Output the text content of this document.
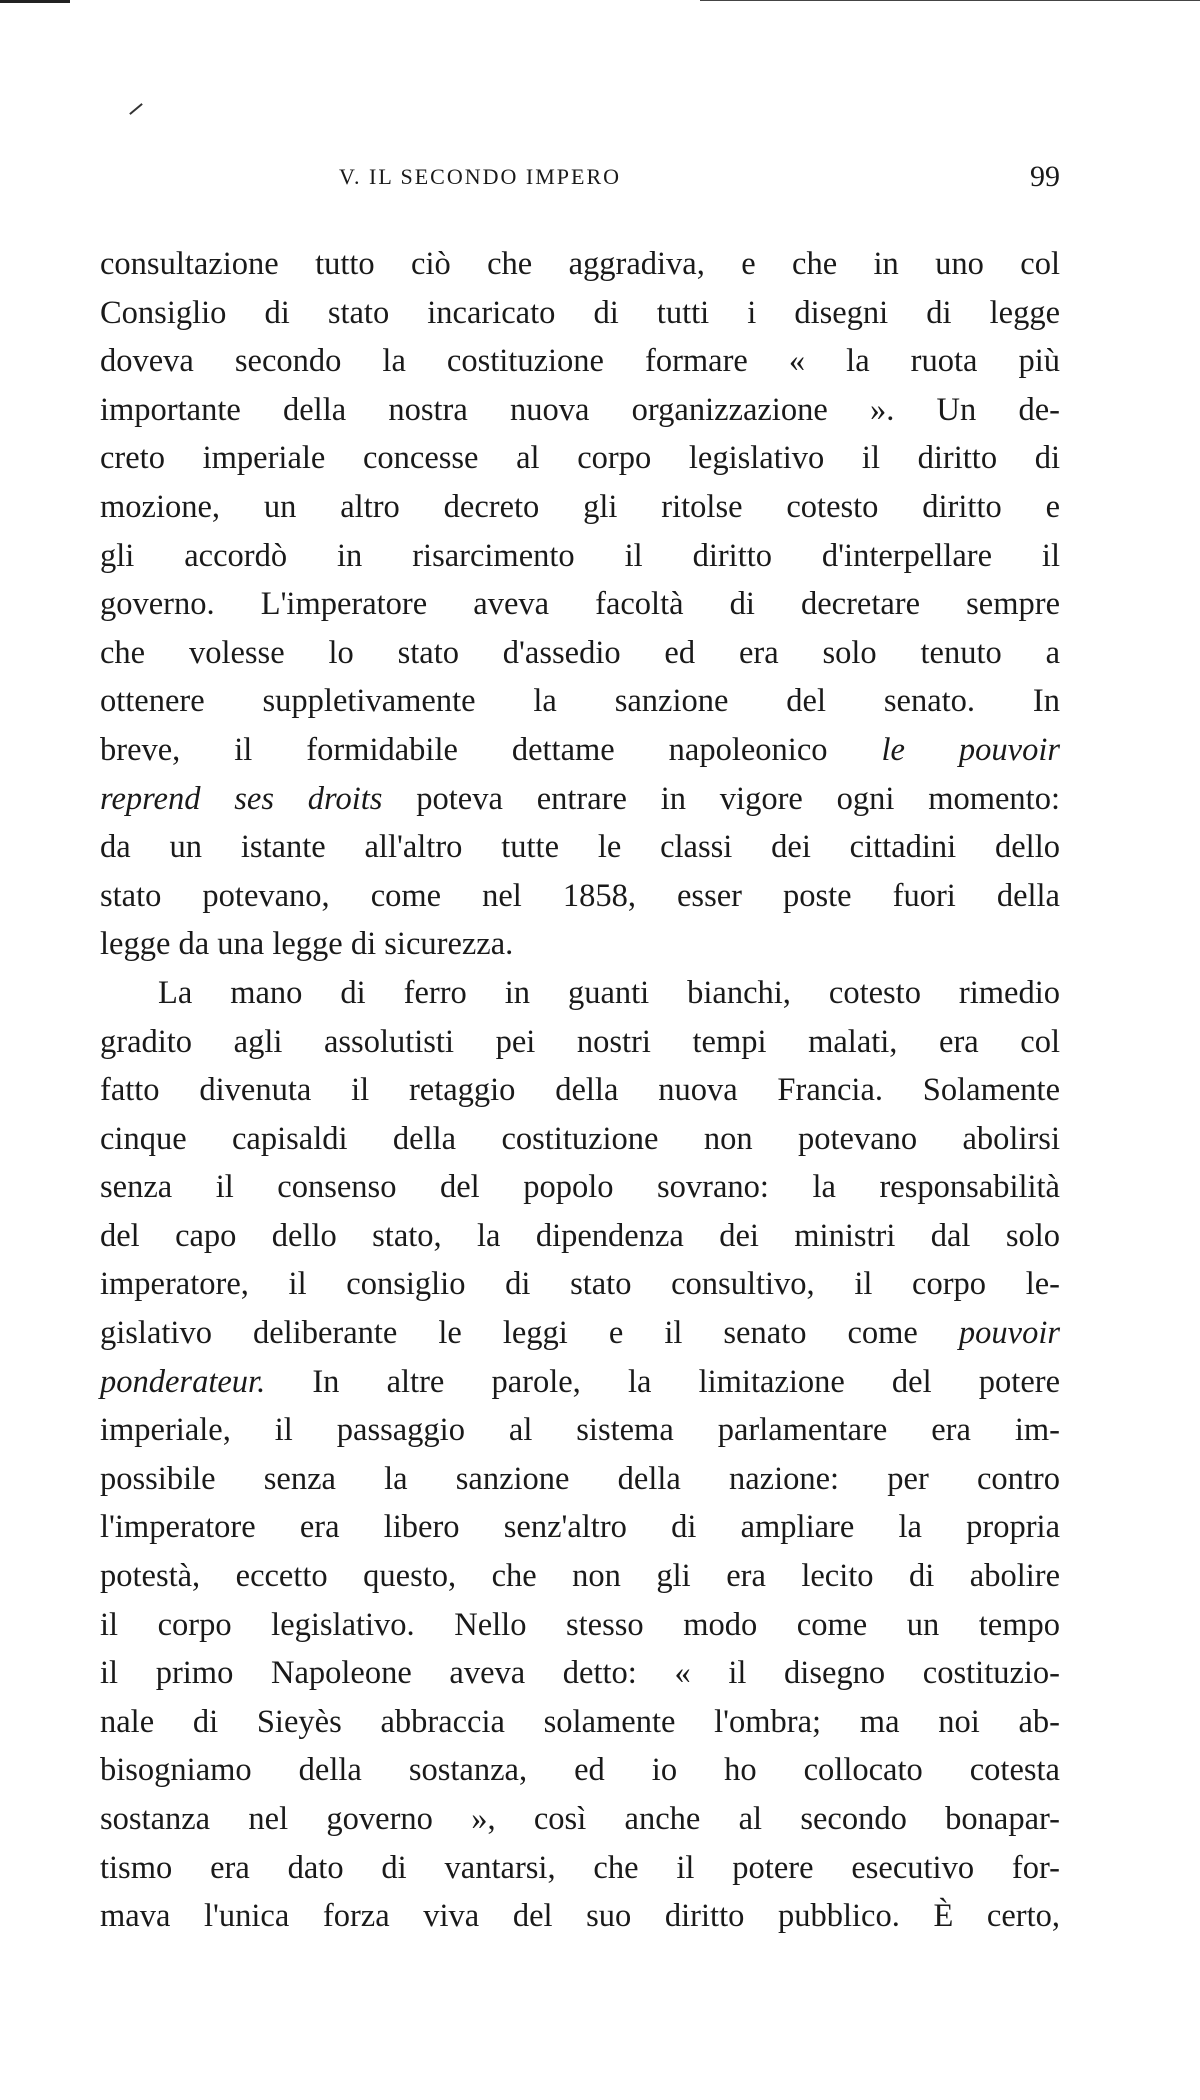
V. IL SECONDO IMPERO	99
consultazione tutto ciò che aggradiva, e che in uno col
Consiglio di stato incaricato di tutti i disegni di legge
doveva secondo la costituzione formare « la ruota più
importante della nostra nuova organizzazione ». Un de-
creto imperiale concesse al corpo legislativo il diritto di
mozione, un altro decreto gli ritolse cotesto diritto e
gli accordò in risarcimento il diritto d'interpellare il
governo. L'imperatore aveva facoltà di decretare sempre
che volesse lo stato d'assedio ed era solo tenuto a
ottenere suppletivamente la sanzione del senato. In
breve, il formidabile dettame napoleonico le pouvoir
reprend ses droits poteva entrare in vigore ogni momento:
da un istante all'altro tutte le classi dei cittadini dello
stato potevano, come nel 1858, esser poste fuori della
legge da una legge di sicurezza.
La mano di ferro in guanti bianchi, cotesto rimedio
gradito agli assolutisti pei nostri tempi malati, era col
fatto divenuta il retaggio della nuova Francia. Solamente
cinque capisaldi della costituzione non potevano abolirsi
senza il consenso del popolo sovrano: la responsabilità
del capo dello stato, la dipendenza dei ministri dal solo
imperatore, il consiglio di stato consultivo, il corpo le-
gislativo deliberante le leggi e il senato come pouvoir
ponderateur. In altre parole, la limitazione del potere
imperiale, il passaggio al sistema parlamentare era im-
possibile senza la sanzione della nazione: per contro
l'imperatore era libero senz'altro di ampliare la propria
potestà, eccetto questo, che non gli era lecito di abolire
il corpo legislativo. Nello stesso modo come un tempo
il primo Napoleone aveva detto: « il disegno costituzio-
nale di Sieyès abbraccia solamente l'ombra; ma noi ab-
bisogniamo della sostanza, ed io ho collocato cotesta
sostanza nel governo », così anche al secondo bonapar-
tismo era dato di vantarsi, che il potere esecutivo for-
mava l'unica forza viva del suo diritto pubblico. È certo,
